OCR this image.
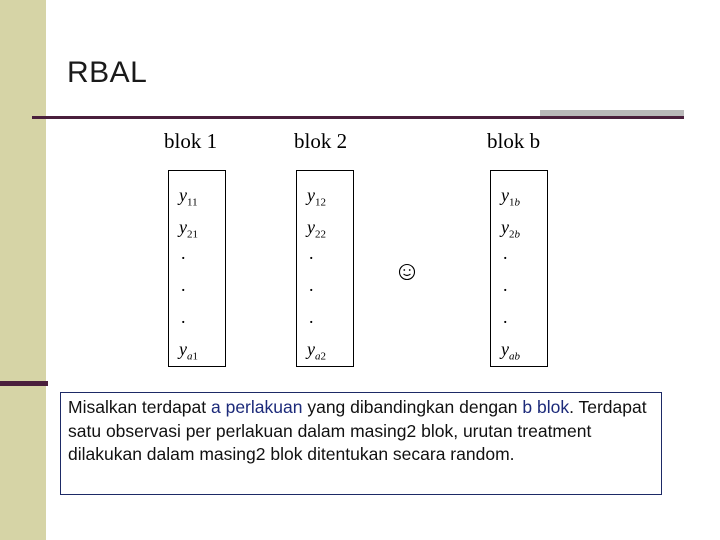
RBAL
blok 1	blok 2	blok b
$y_{11}$
$y_{21}$
.
.
.
$y_{a1}$
$y_{12}$
$y_{22}$
.
.
.
$y_{a2}$
$y_{1b}$
$y_{2b}$
.
.
.
$y_{ab}$
Misalkan terdapat a perlakuan yang dibandingkan dengan b blok. Terdapat satu observasi per perlakuan dalam masing2 blok, urutan treatment dilakukan dalam masing2 blok ditentukan secara random.
